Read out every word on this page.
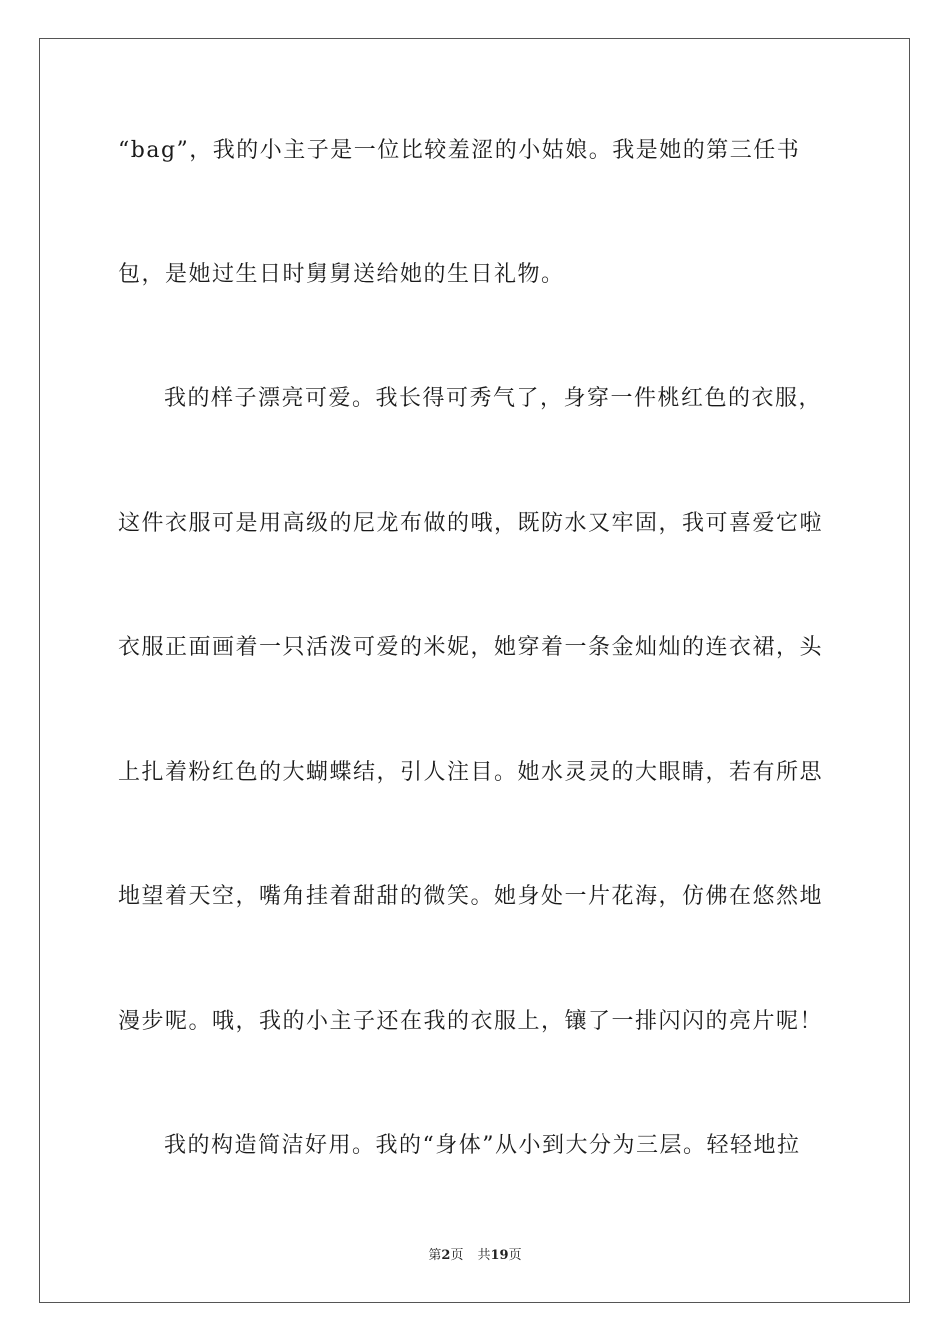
“bag”，我的小主子是一位比较羞涩的小姑娘。我是她的第三任书
包，是她过生日时舅舅送给她的生日礼物。
我的样子漂亮可爱。我长得可秀气了，身穿一件桃红色的衣服，
这件衣服可是用高级的尼龙布做的哦，既防水又牢固，我可喜爱它啦
衣服正面画着一只活泼可爱的米妮，她穿着一条金灿灿的连衣裙，头
上扎着粉红色的大蝴蝶结，引人注目。她水灵灵的大眼睛，若有所思
地望着天空，嘴角挂着甜甜的微笑。她身处一片花海，仿佛在悠然地
漫步呢。哦，我的小主子还在我的衣服上，镶了一排闪闪的亮片呢！
我的构造简洁好用。我的“身体”从小到大分为三层。轻轻地拉
第2页 共19页
